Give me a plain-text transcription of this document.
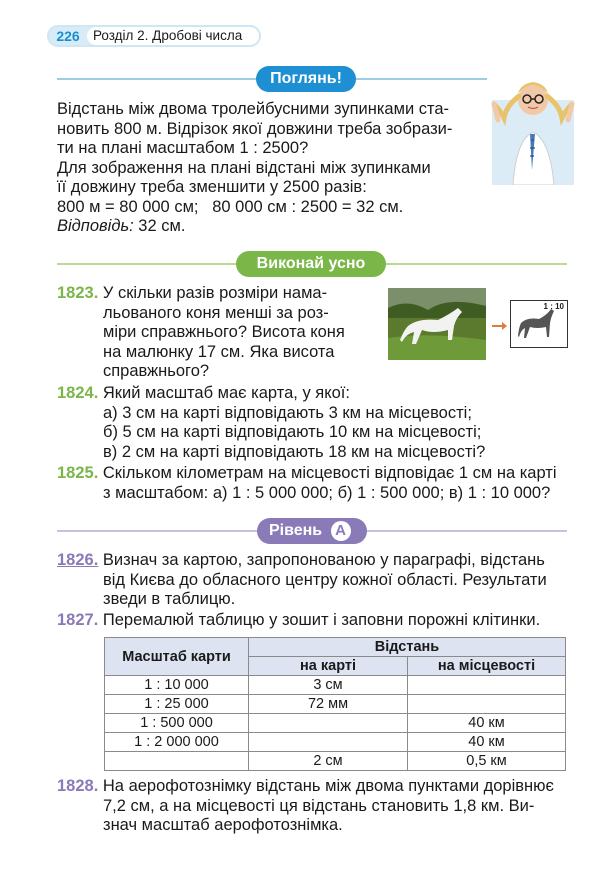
226 Розділ 2. Дробові числа
Поглянь!
Відстань між двома тролейбусними зупинками ста-
новить 800 м. Відрізок якої довжини треба зобрази-
ти на плані масштабом 1 : 2500?
Для зображення на плані відстані між зупинками
її довжину треба зменшити у 2500 разів:
800 м = 80 000 см;   80 000 см : 2500 = 32 см.
Відповідь: 32 см.
Виконай усно
1823. У скільки разів розміри нама-
льованого коня менші за роз-
міри справжнього? Висота коня
на малюнку 17 см. Яка висота
справжнього?
1 : 10
1824. Який масштаб має карта, у якої:
а) 3 см на карті відповідають 3 км на місцевості;
б) 5 см на карті відповідають 10 км на місцевості;
в) 2 см на карті відповідають 18 км на місцевості?
1825. Скільком кілометрам на місцевості відповідає 1 см на карті
з масштабом: а) 1 : 5 000 000; б) 1 : 500 000; в) 1 : 10 000?
Рівень А
1826. Визнач за картою, запропонованою у параграфі, відстань
від Києва до обласного центру кожної області. Результати
зведи в таблицю.
1827. Перемалюй таблицю у зошит і заповни порожні клітинки.
Масштаб карти	Відстань	
	на карті	на місцевості
1 : 10 000	3 см	
1 : 25 000	72 мм	
1 : 500 000		40 км
1 : 2 000 000		40 км
	2 см	0,5 км
1828. На аерофотознімку відстань між двома пунктами дорівнює
7,2 см, а на місцевості ця відстань становить 1,8 км. Ви-
знач масштаб аерофотознімка.
